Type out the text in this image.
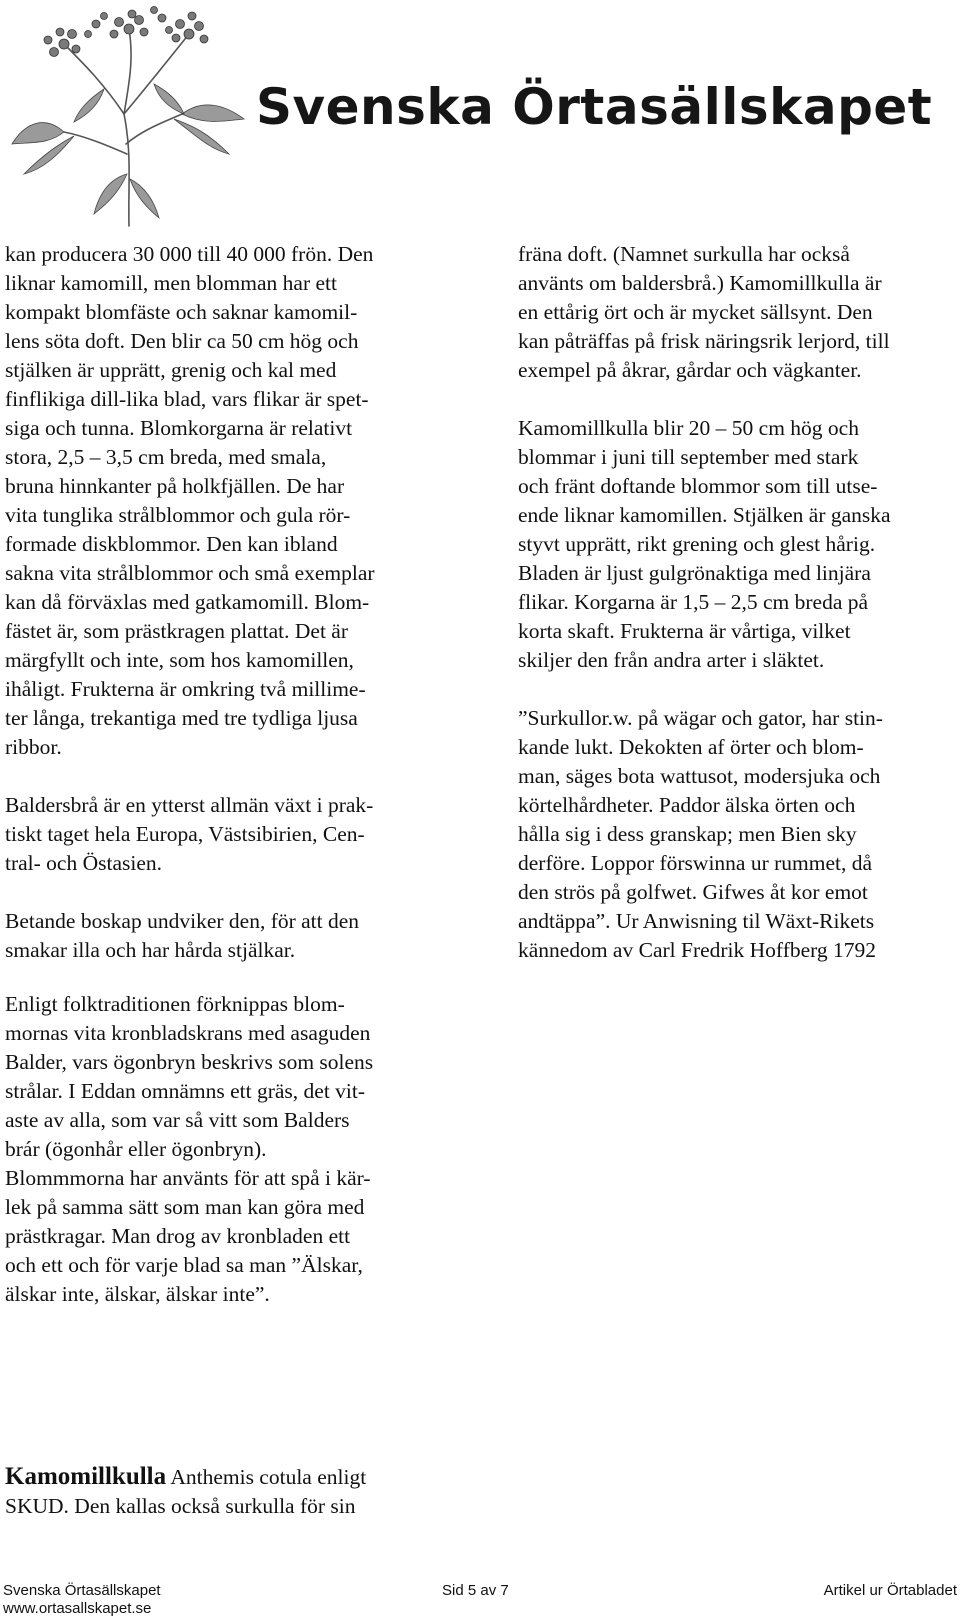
Svenska Örtasällskapet

kan producera 30 000 till 40 000 frön. Den
liknar kamomill, men blomman har ett
kompakt blomfäste och saknar kamomil-
lens söta doft. Den blir ca 50 cm hög och
stjälken är upprätt, grenig och kal med
finflikiga dill-lika blad, vars flikar är spet-
siga och tunna. Blomkorgarna är relativt
stora, 2,5 – 3,5 cm breda, med smala,
bruna hinnkanter på holkfjällen. De har
vita tunglika strålblommor och gula rör-
formade diskblommor. Den kan ibland
sakna vita strålblommor och små exemplar
kan då förväxlas med gatkamomill. Blom-
fästet är, som prästkragen plattat. Det är
märgfyllt och inte, som hos kamomillen,
ihåligt. Frukterna är omkring två millime-
ter långa, trekantiga med tre tydliga ljusa
ribbor.

Baldersbrå är en ytterst allmän växt i prak-
tiskt taget hela Europa, Västsibirien, Cen-
tral- och Östasien.

Betande boskap undviker den, för att den
smakar illa och har hårda stjälkar.

Enligt folktraditionen förknippas blom-
mornas vita kronbladskrans med asaguden
Balder, vars ögonbryn beskrivs som solens
strålar. I Eddan omnämns ett gräs, det vit-
aste av alla, som var så vitt som Balders
brár (ögonhår eller ögonbryn).
Blommmorna har använts för att spå i kär-
lek på samma sätt som man kan göra med
prästkragar. Man drog av kronbladen ett
och ett och för varje blad sa man ”Älskar,
älskar inte, älskar, älskar inte”.

fräna doft. (Namnet surkulla har också
använts om baldersbrå.) Kamomillkulla är
en ettårig ört och är mycket sällsynt. Den
kan påträffas på frisk näringsrik lerjord, till
exempel på åkrar, gårdar och vägkanter.

Kamomillkulla blir 20 – 50 cm hög och
blommar i juni till september med stark
och fränt doftande blommor som till utse-
ende liknar kamomillen. Stjälken är ganska
styvt upprätt, rikt grening och glest hårig.
Bladen är ljust gulgrönaktiga med linjära
flikar. Korgarna är 1,5 – 2,5 cm breda på
korta skaft. Frukterna är vårtiga, vilket
skiljer den från andra arter i släktet.

”Surkullor.w. på wägar och gator, har stin-
kande lukt. Dekokten af örter och blom-
man, säges bota wattusot, modersjuka och
körtelhårdheter. Paddor älska örten och
hålla sig i dess granskap; men Bien sky
derföre. Loppor förswinna ur rummet, då
den strös på golfwet. Gifwes åt kor emot
andtäppa”. Ur Anwisning til Wäxt-Rikets
kännedom av Carl Fredrik Hoffberg 1792

Kamomillkulla Anthemis cotula enligt
SKUD. Den kallas också surkulla för sin
Svenska Örtasällskapet
www.ortasallskapet.se
Sid 5 av 7	Artikel ur Örtabladet
